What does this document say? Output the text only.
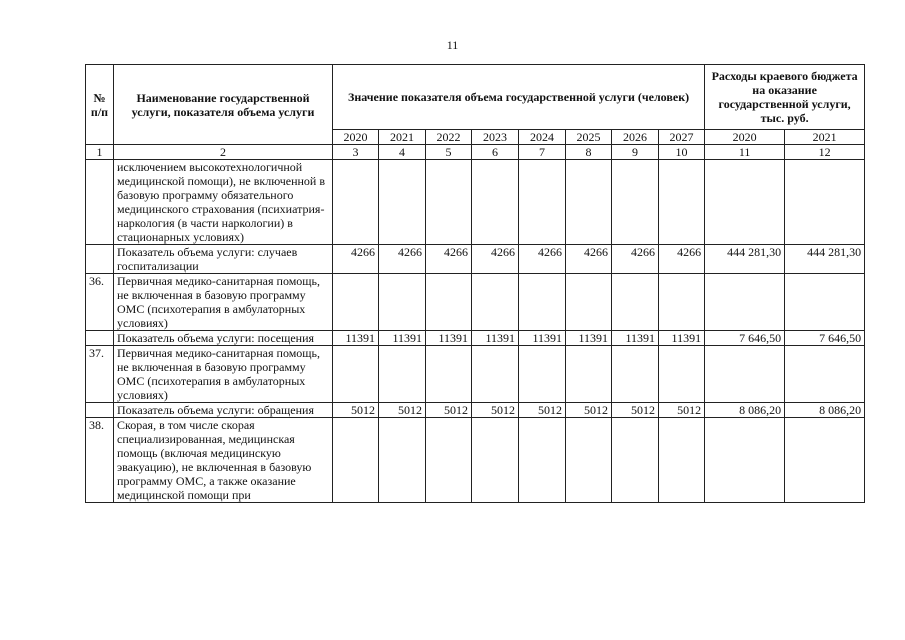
11
№ п/п	Наименование государственной услуги, показателя объема услуги	Значение показателя объема государственной услуги (человек)								Расходы краевого бюджета на оказание государственной услуги, тыс. руб.	
		2020	2021	2022	2023	2024	2025	2026	2027	2020	2021
1	2	3	4	5	6	7	8	9	10	11	12
	исключением высокотехнологичной медицинской помощи), не включенной в базовую программу обязательного медицинского страхования (психиатрия-наркология (в части наркологии) в стационарных условиях)										
	Показатель объема услуги: случаев госпитализации	4266	4266	4266	4266	4266	4266	4266	4266	444 281,30	444 281,30
36.	Первичная медико-санитарная помощь, не включенная в базовую программу ОМС (психотерапия в амбулаторных условиях)										
	Показатель объема услуги: посещения	11391	11391	11391	11391	11391	11391	11391	11391	7 646,50	7 646,50
37.	Первичная медико-санитарная помощь, не включенная в базовую программу ОМС (психотерапия в амбулаторных условиях)										
	Показатель объема услуги: обращения	5012	5012	5012	5012	5012	5012	5012	5012	8 086,20	8 086,20
38.	Скорая, в том числе скорая специализированная, медицинская помощь (включая медицинскую эвакуацию), не включенная в базовую программу ОМС, а также оказание медицинской помощи при										
